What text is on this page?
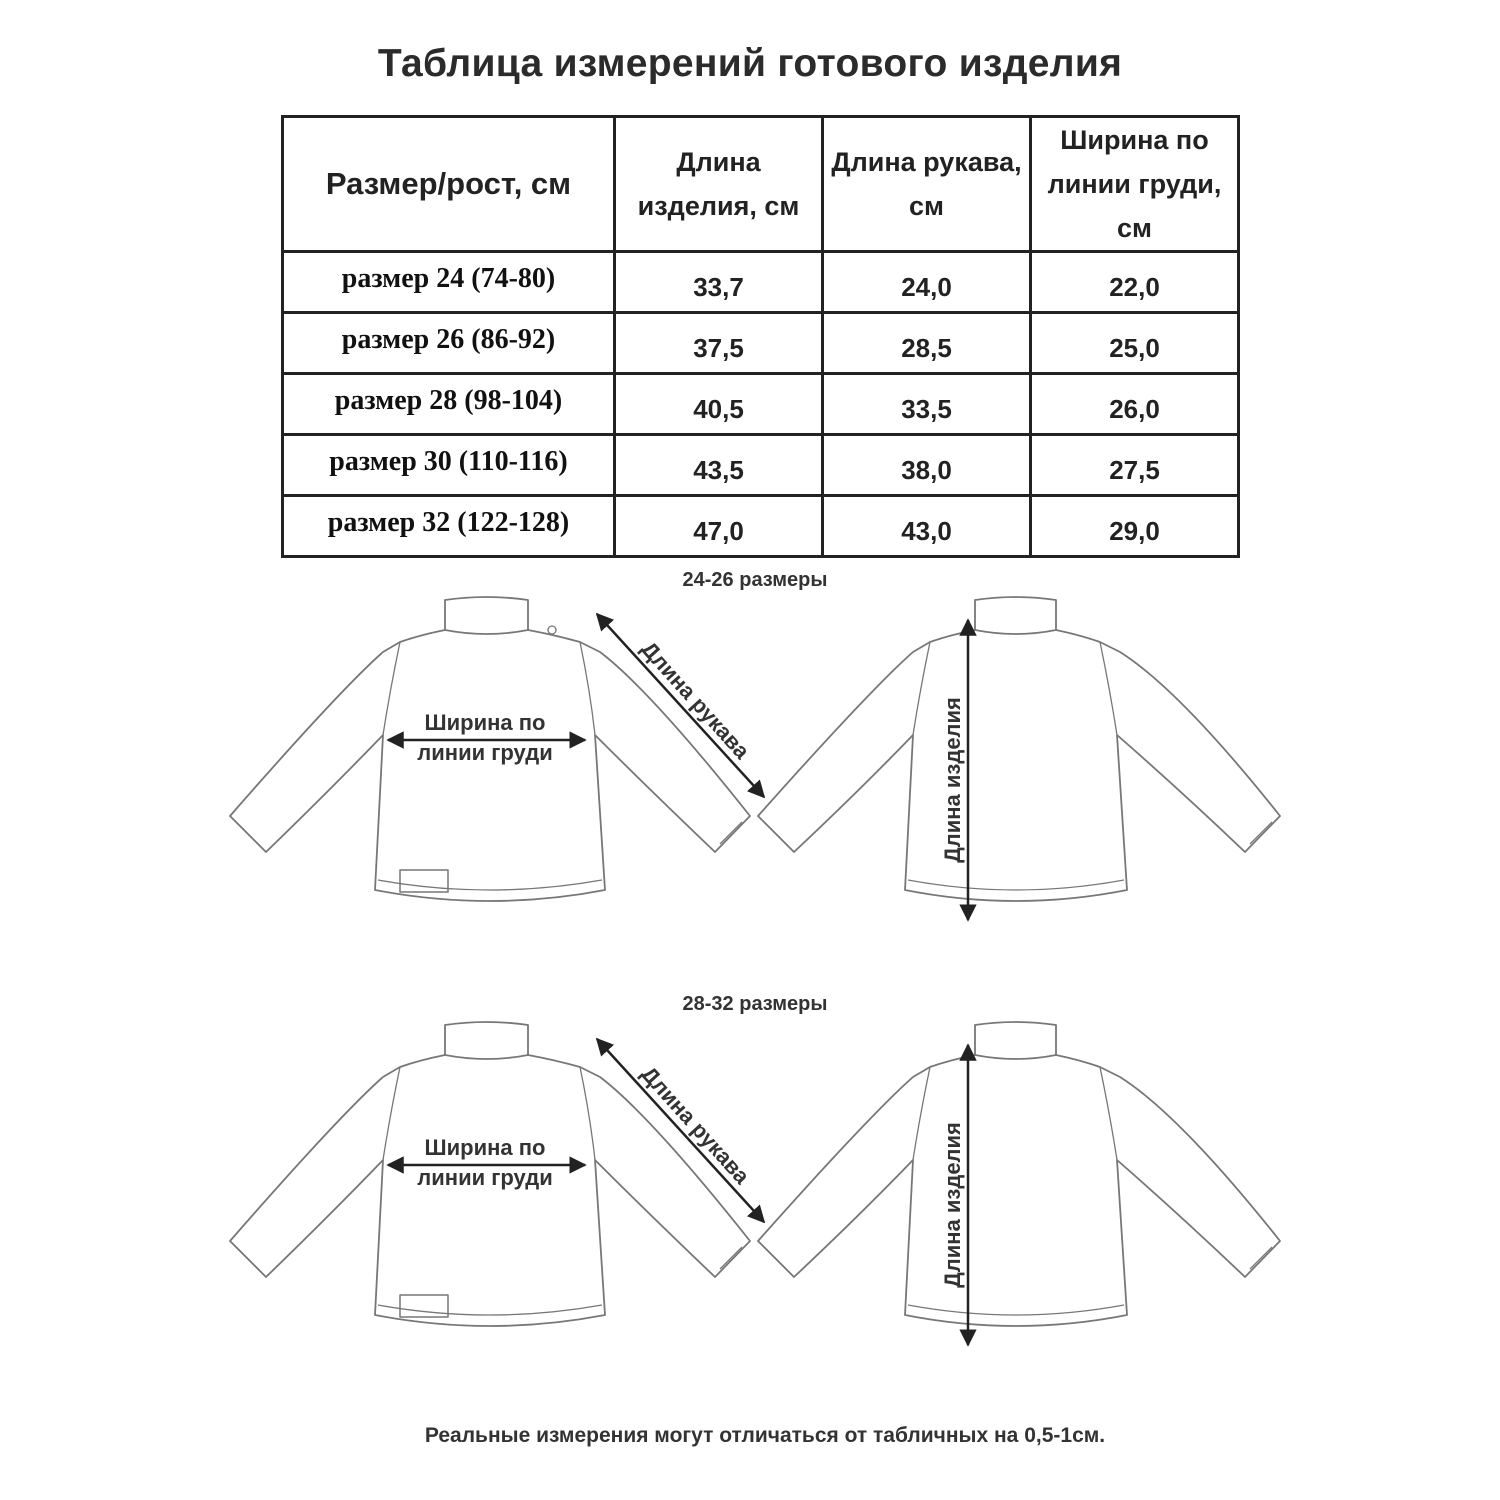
Таблица измерений готового изделия
Размер/рост, см	Длина изделия, см	Длина рукава, см	Ширина по линии груди, см
размер 24 (74-80)	33,7	24,0	22,0
размер 26 (86-92)	37,5	28,5	25,0
размер 28 (98-104)	40,5	33,5	26,0
размер 30 (110-116)	43,5	38,0	27,5
размер 32 (122-128)	47,0	43,0	29,0
24-26 размеры
28-32 размеры
Ширина по
линии груди	Длина рукава	Длина изделия
Ширина по
линии груди	Длина рукава	Длина изделия
Реальные измерения могут отличаться от табличных на 0,5-1см.
